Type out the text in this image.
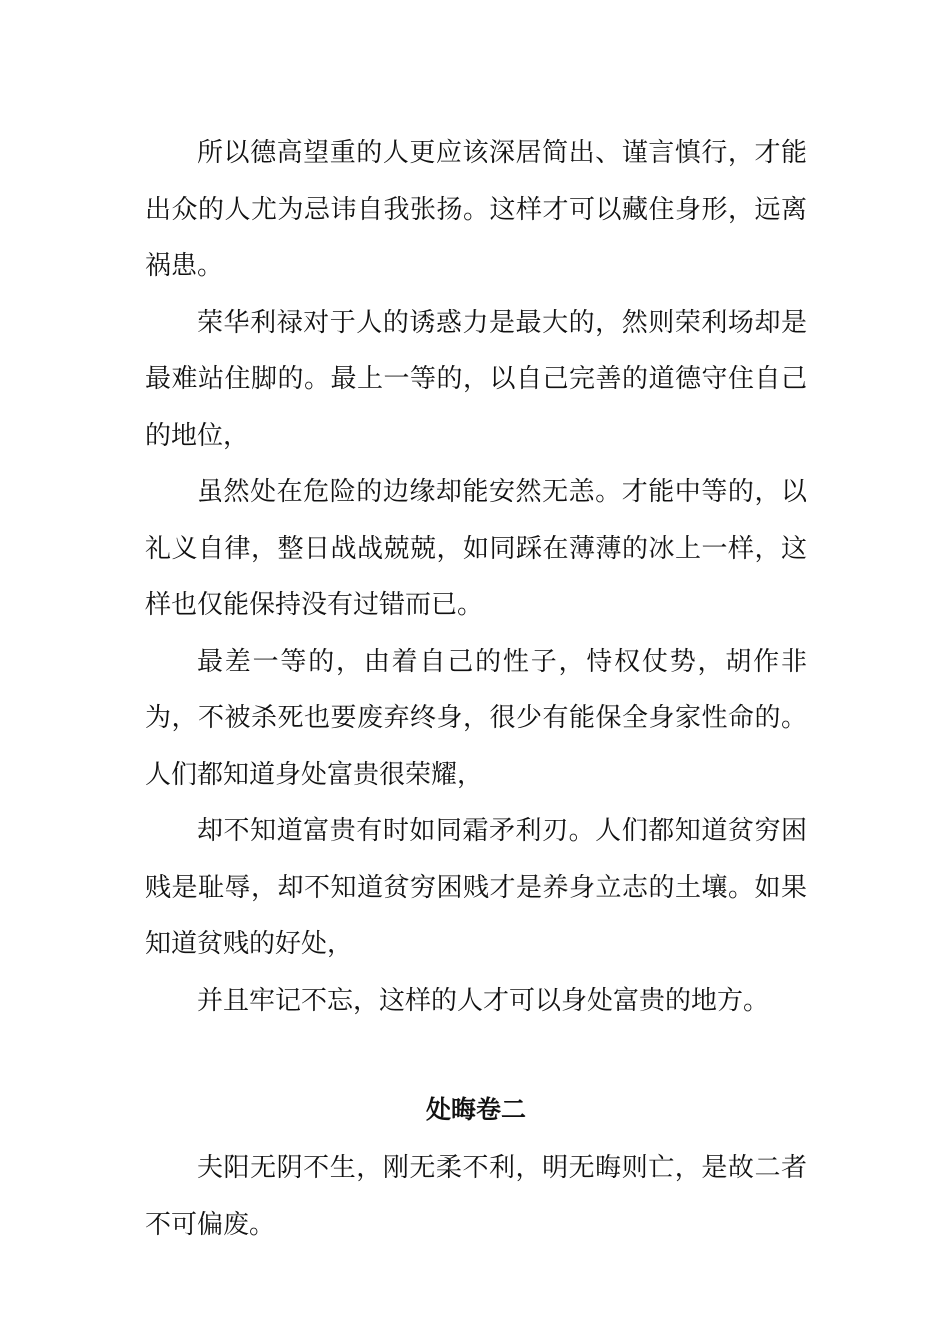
所以德高望重的人更应该深居简出、谨言慎行，才能出众的人尤为忌讳自我张扬。这样才可以藏住身形，远离祸患。

荣华利禄对于人的诱惑力是最大的，然则荣利场却是最难站住脚的。最上一等的，以自己完善的道德守住自己的地位，

虽然处在危险的边缘却能安然无恙。才能中等的，以礼义自律，整日战战兢兢，如同踩在薄薄的冰上一样，这样也仅能保持没有过错而已。

最差一等的，由着自己的性子，恃权仗势，胡作非为，不被杀死也要废弃终身，很少有能保全身家性命的。人们都知道身处富贵很荣耀，

却不知道富贵有时如同霜矛利刃。人们都知道贫穷困贱是耻辱，却不知道贫穷困贱才是养身立志的土壤。如果知道贫贱的好处，

并且牢记不忘，这样的人才可以身处富贵的地方。

处晦卷二

夫阳无阴不生，刚无柔不利，明无晦则亡，是故二者不可偏废。
